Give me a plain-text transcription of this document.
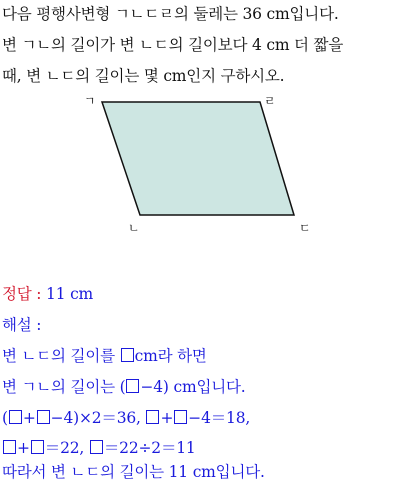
다음 평행사변형 ㄱㄴㄷㄹ의 둘레는 36 cm입니다.
변 ㄱㄴ의 길이가 변 ㄴㄷ의 길이보다 4 cm 더 짧을
때, 변 ㄴㄷ의 길이는 몇 cm인지 구하시오.
ㄱ	ㄹ
ㄴ	ㄷ
정답 : 11 cm
해설 :
변 ㄴㄷ의 길이를 cm라 하면
변 ㄱㄴ의 길이는 ( −4) cm입니다.
( + −4)×2＝36, + −4＝18,
+ ＝22, ＝22÷2＝11
따라서 변 ㄴㄷ의 길이는 11 cm입니다.
